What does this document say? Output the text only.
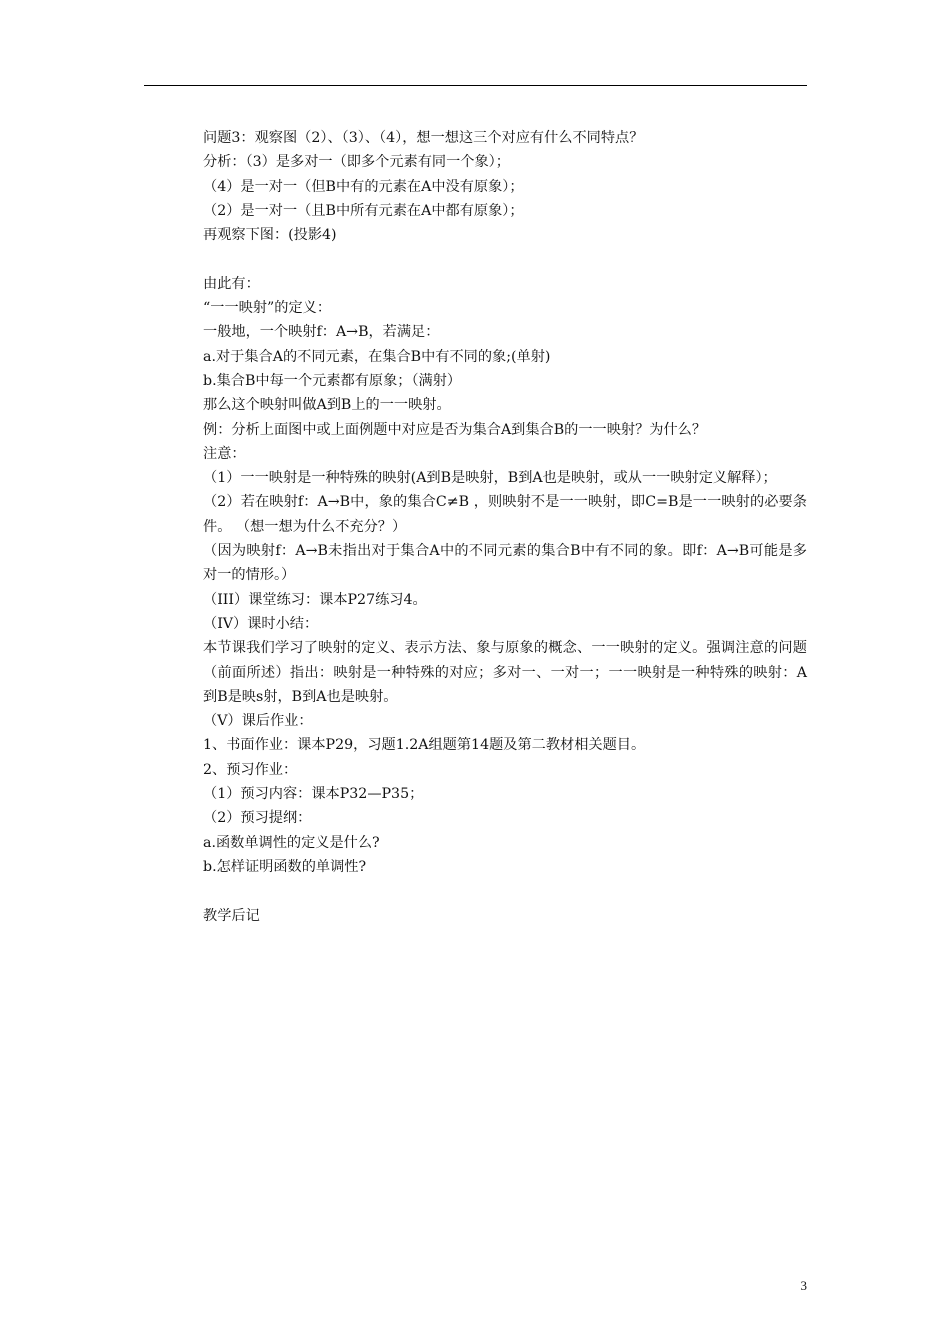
问题3：观察图（2）、（3）、（4），想一想这三个对应有什么不同特点？
分析：（3）是多对一（即多个元素有同一个象）；
（4）是一对一（但B中有的元素在A中没有原象）；
（2）是一对一（且B中所有元素在A中都有原象）；
再观察下图：(投影4)
由此有：
“一一映射”的定义：
一般地，一个映射f：A→B，若满足：
a.对于集合A的不同元素，在集合B中有不同的象;(单射)
b.集合B中每一个元素都有原象；（满射）
那么这个映射叫做A到B上的一一映射。
例：分析上面图中或上面例题中对应是否为集合A到集合B的一一映射？为什么？
注意：
（1）一一映射是一种特殊的映射(A到B是映射，B到A也是映射，或从一一映射定义解释）；
（2）若在映射f：A→B中，象的集合C≠B ，则映射不是一一映射，即C=B是一一映射的必要条件。 （想一想为什么不充分？）
（因为映射f：A→B未指出对于集合A中的不同元素的集合B中有不同的象。即f：A→B可能是多对一的情形。）
（III）课堂练习：课本P27练习4。
（IV）课时小结：
本节课我们学习了映射的定义、表示方法、象与原象的概念、一一映射的定义。强调注意的问题（前面所述）指出：映射是一种特殊的对应；多对一、一对一；一一映射是一种特殊的映射：A到B是映s射，B到A也是映射。
（V）课后作业：
1、书面作业：课本P29，习题1.2A组题第14题及第二教材相关题目。
2、预习作业：
（1）预习内容：课本P32—P35；
（2）预习提纲：
a.函数单调性的定义是什么?
b.怎样证明函数的单调性?
教学后记
3
